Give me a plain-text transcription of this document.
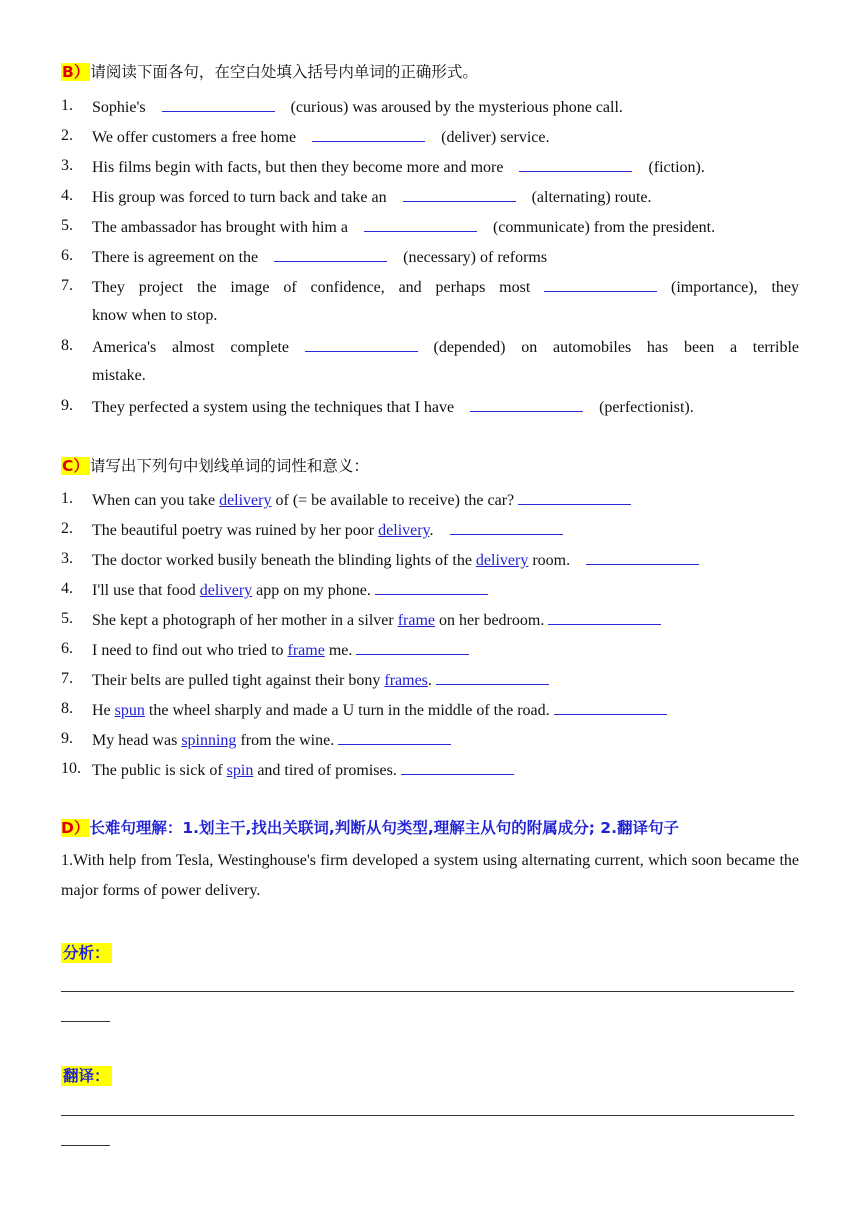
B）请阅读下面各句，在空白处填入括号内单词的正确形式。
1. Sophie's	(curious) was aroused by the mysterious phone call.
2. We offer customers a free home	(deliver) service.
3. His films begin with facts, but then they become more and more	(fiction).
4. His group was forced to turn back and take an	(alternating) route.
5. The ambassador has brought with him a	(communicate) from the president.
6. There is agreement on the	(necessary) of reforms
7. They project the image of confidence, and perhaps most	(importance), they
know when to stop.
8. America's almost complete	(depended) on automobiles has been a terrible
mistake.
9. They perfected a system using the techniques that I have	(perfectionist).
C）请写出下列句中划线单词的词性和意义：
1. When can you take delivery of (= be available to receive) the car?
2. The beautiful poetry was ruined by her poor delivery.
3. The doctor worked busily beneath the blinding lights of the delivery room.
4. I'll use that food delivery app on my phone.
5. She kept a photograph of her mother in a silver frame on her bedroom.
6. I need to find out who tried to frame me.
7. Their belts are pulled tight against their bony frames.
8. He spun the wheel sharply and made a U turn in the middle of the road.
9. My head was spinning from the wine.
10. The public is sick of spin and tired of promises.
D）长难句理解：1.划主干,找出关联词,判断从句类型,理解主从句的附属成分; 2.翻译句子
1.With help from Tesla, Westinghouse's firm developed a system using alternating current, which soon became the major forms of power delivery.
分析：
翻译：
